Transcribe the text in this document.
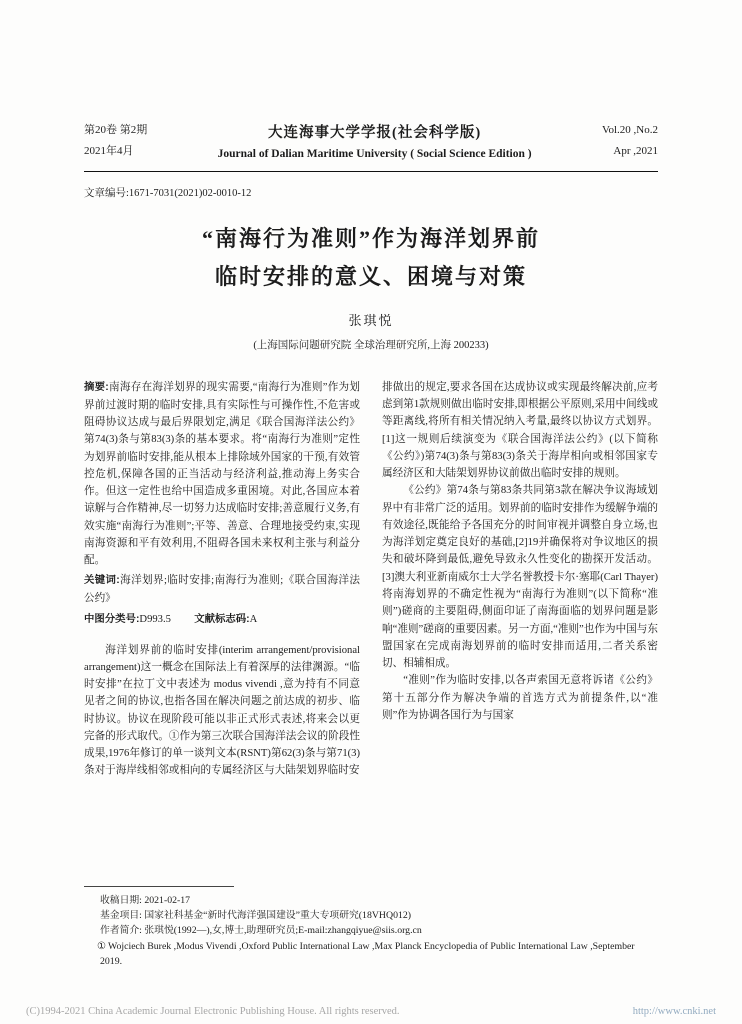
第20卷 第2期
2021年4月
大连海事大学学报(社会科学版)
Journal of Dalian Maritime University ( Social Science Edition )
Vol.20 ,No.2
Apr ,2021
文章编号:1671-7031(2021)02-0010-12
“南海行为准则”作为海洋划界前
临时安排的意义、困境与对策
张琪悦
(上海国际问题研究院 全球治理研究所,上海 200233)

摘要:南海存在海洋划界的现实需要,“南海行为准则”作为划界前过渡时期的临时安排,具有实际性与可操作性,不危害或阻碍协议达成与最后界限划定,满足《联合国海洋法公约》第74(3)条与第83(3)条的基本要求。将“南海行为准则”定性为划界前临时安排,能从根本上排除域外国家的干预,有效管控危机,保障各国的正当活动与经济利益,推动海上务实合作。但这一定性也给中国造成多重困境。对此,各国应本着谅解与合作精神,尽一切努力达成临时安排;善意履行义务,有效实施“南海行为准则”;平等、善意、合理地接受约束,实现南海资源和平有效利用,不阻碍各国未来权利主张与利益分配。

关键词:海洋划界;临时安排;南海行为准则;《联合国海洋法公约》

中图分类号:D993.5 文献标志码:A

海洋划界前的临时安排(interim arrangement/provisional arrangement)这一概念在国际法上有着深厚的法律渊源。“临时安排”在拉丁文中表述为 modus vivendi ,意为持有不同意见者之间的协议,也指各国在解决问题之前达成的初步、临时协议。协议在现阶段可能以非正式形式表述,将来会以更完备的形式取代。①作为第三次联合国海洋法会议的阶段性成果,1976年修订的单一谈判文本(RSNT)第62(3)条与第71(3)条对于海岸线相邻或相向的专属经济区与大陆架划界临时安

排做出的规定,要求各国在达成协议或实现最终解决前,应考虑到第1款规则做出临时安排,即根据公平原则,采用中间线或等距离线,将所有相关情况纳入考量,最终以协议方式划界。[1]这一规则后续演变为《联合国海洋法公约》(以下简称《公约》)第74(3)条与第83(3)条关于海岸相向或相邻国家专属经济区和大陆架划界协议前做出临时安排的规则。

《公约》第74条与第83条共同第3款在解决争议海域划界中有非常广泛的适用。划界前的临时安排作为缓解争端的有效途径,既能给予各国充分的时间审视并调整自身立场,也为海洋划定奠定良好的基础,[2]19并确保将对争议地区的损失和破坏降到最低,避免导致永久性变化的勘探开发活动。[3]澳大利亚新南威尔士大学名誉教授卡尔·塞耶(Carl Thayer)将南海划界的不确定性视为“南海行为准则”(以下简称“准则”)磋商的主要阻碍,侧面印证了南海面临的划界问题是影响“准则”磋商的重要因素。另一方面,“准则”也作为中国与东盟国家在完成南海划界前的临时安排而适用,二者关系密切、相辅相成。

“准则”作为临时安排,以各声索国无意将诉诸《公约》第十五部分作为解决争端的首选方式为前提条件,以“准则”作为协调各国行为与国家

收稿日期: 2021-02-17
基金项目: 国家社科基金“新时代海洋强国建设”重大专项研究(18VHQ012)
作者简介: 张琪悦(1992—),女,博士,助理研究员;E-mail:zhangqiyue@siis.org.cn
① Wojciech Burek ,Modus Vivendi ,Oxford Public International Law ,Max Planck Encyclopedia of Public International Law ,September 2019.
(C)1994-2021 China Academic Journal Electronic Publishing House. All rights reserved.	http://www.cnki.net
